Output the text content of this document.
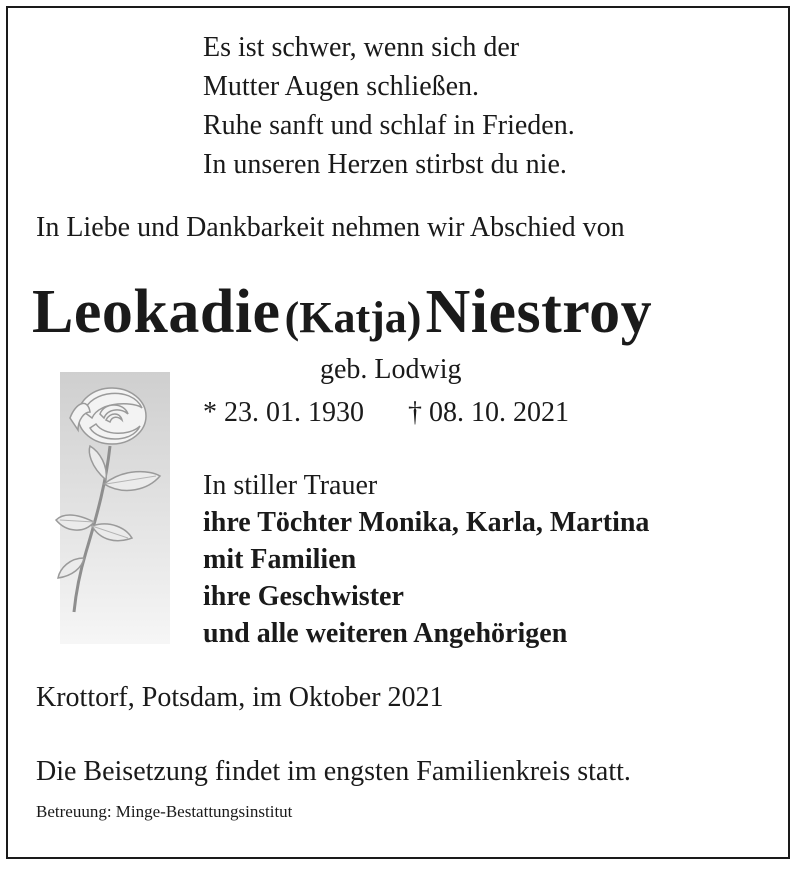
Es ist schwer, wenn sich der
Mutter Augen schließen.
Ruhe sanft und schlaf in Frieden.
In unseren Herzen stirbst du nie.
In Liebe und Dankbarkeit nehmen wir Abschied von
Leokadie (Katja) Niestroy
geb. Lodwig
* 23. 01. 1930 † 08. 10. 2021
In stiller Trauer
ihre Töchter Monika, Karla, Martina
mit Familien
ihre Geschwister
und alle weiteren Angehörigen
Krottorf, Potsdam, im Oktober 2021
Die Beisetzung findet im engsten Familienkreis statt.
Betreuung: Minge-Bestattungsinstitut
